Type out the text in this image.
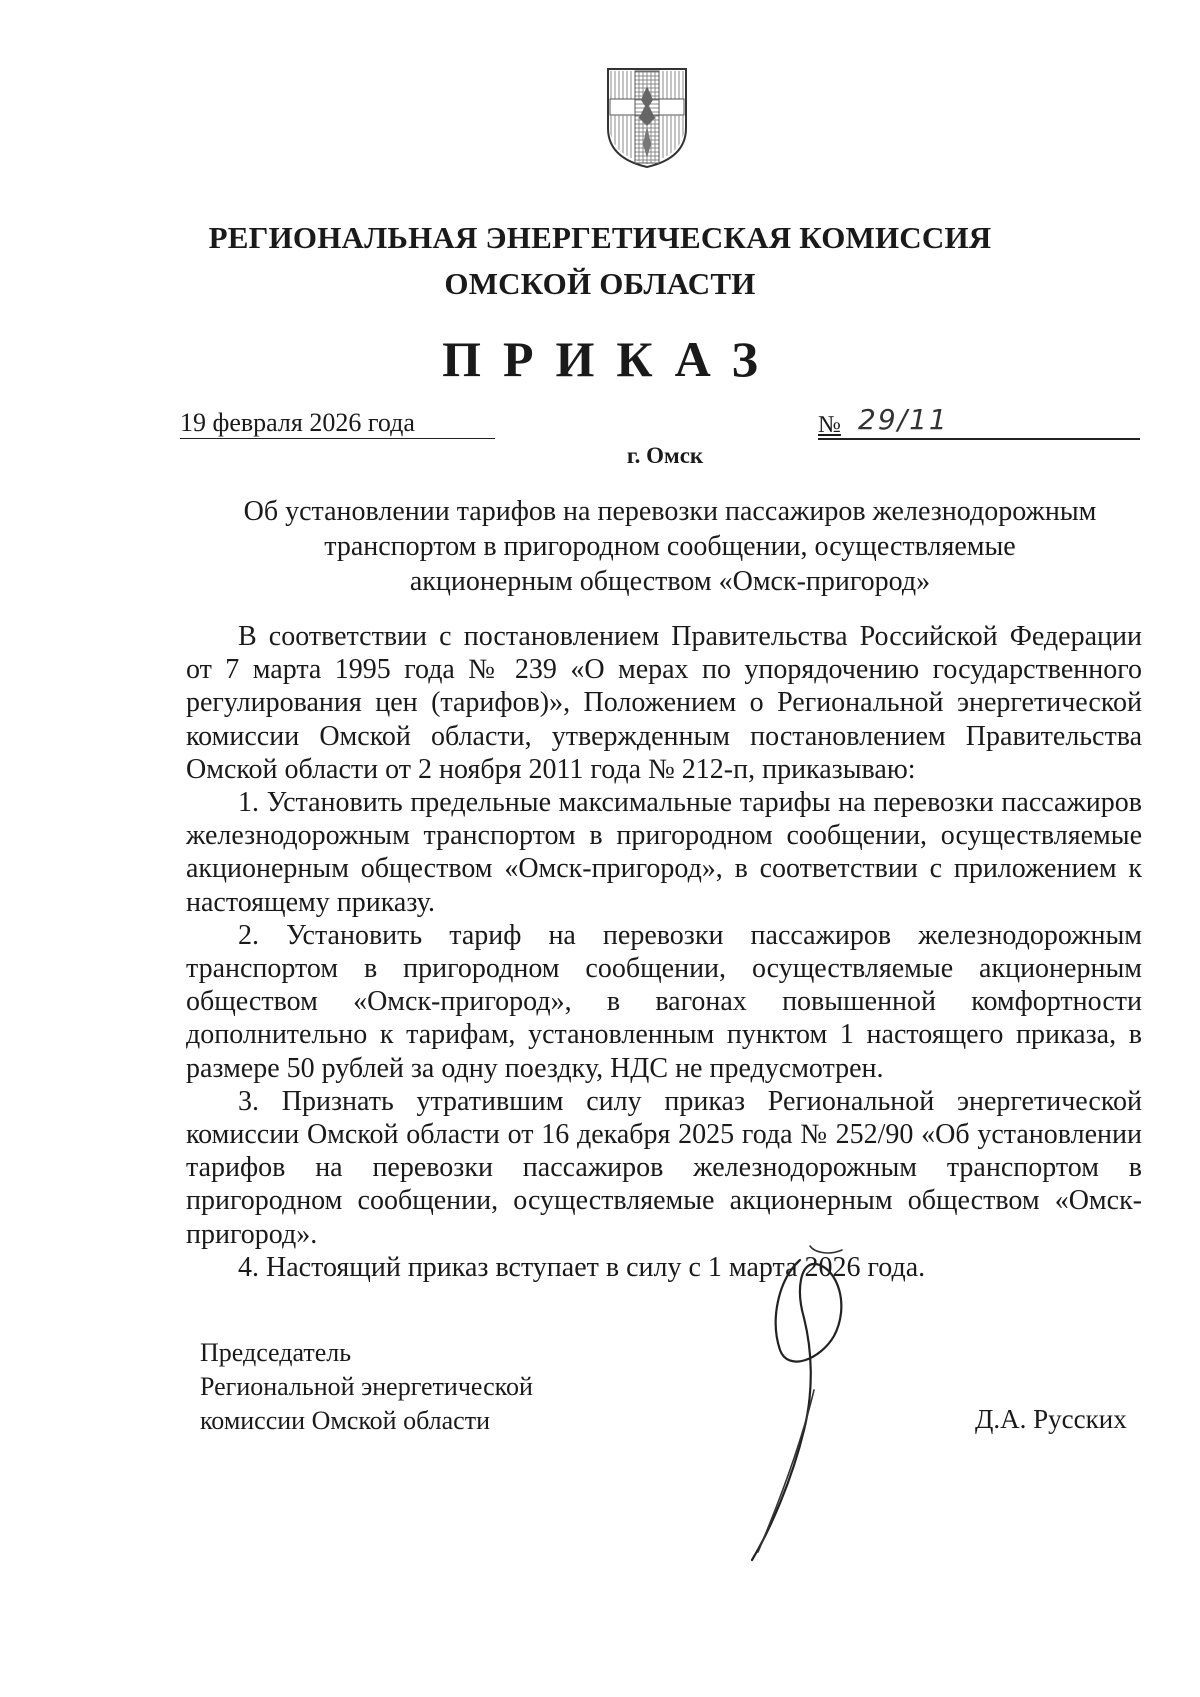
РЕГИОНАЛЬНАЯ ЭНЕРГЕТИЧЕСКАЯ КОМИССИЯ
ОМСКОЙ ОБЛАСТИ
ПРИКАЗ
19 февраля 2026 года	№ 29/11
г. Омск
Об установлении тарифов на перевозки пассажиров железнодорожным
транспортом в пригородном сообщении, осуществляемые
акционерным обществом «Омск-пригород»

В соответствии с постановлением Правительства Российской Федерации от 7 марта 1995 года № 239 «О мерах по упорядочению государственного регулирования цен (тарифов)», Положением о Региональной энергетической комиссии Омской области, утвержденным постановлением Правительства Омской области от 2 ноября 2011 года № 212-п, приказываю:

1. Установить предельные максимальные тарифы на перевозки пассажиров железнодорожным транспортом в пригородном сообщении, осуществляемые акционерным обществом «Омск-пригород», в соответствии с приложением к настоящему приказу.

2. Установить тариф на перевозки пассажиров железнодорожным транспортом в пригородном сообщении, осуществляемые акционерным обществом «Омск-пригород», в вагонах повышенной комфортности дополнительно к тарифам, установленным пунктом 1 настоящего приказа, в размере 50 рублей за одну поездку, НДС не предусмотрен.

3. Признать утратившим силу приказ Региональной энергетической комиссии Омской области от 16 декабря 2025 года № 252/90 «Об установлении тарифов на перевозки пассажиров железнодорожным транспортом в пригородном сообщении, осуществляемые акционерным обществом «Омск-пригород».

4. Настоящий приказ вступает в силу с 1 марта 2026 года.

Председатель
Региональной энергетической
комиссии Омской области	Д.А. Русских
